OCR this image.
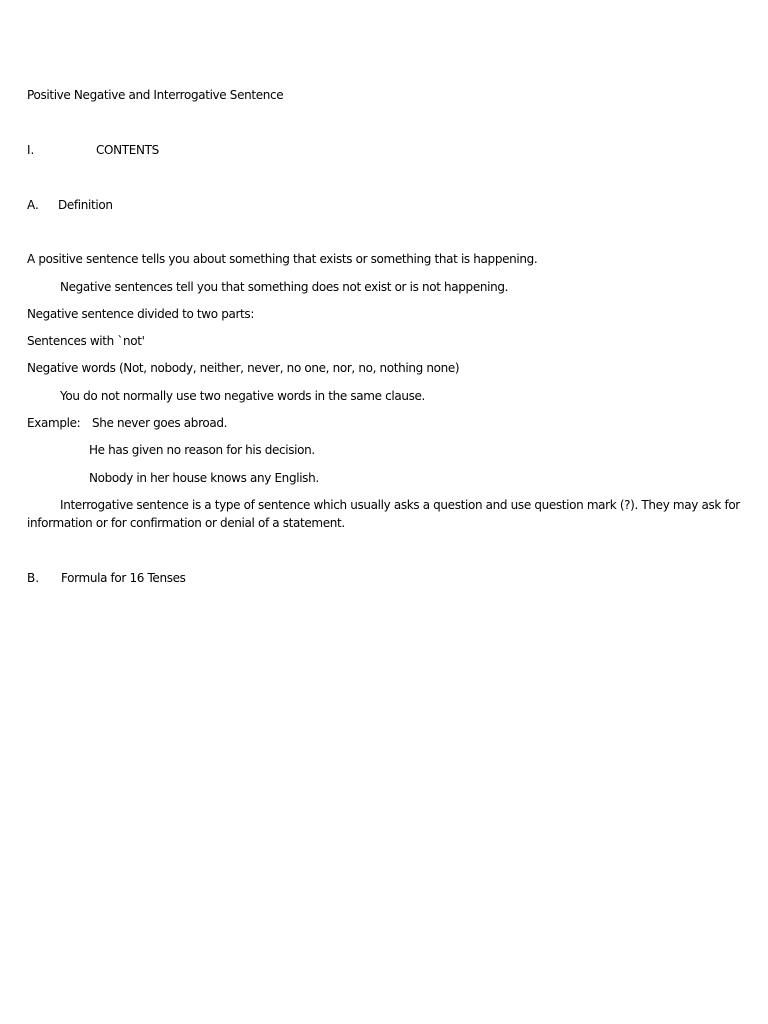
Positive Negative and Interrogative Sentence
I.	CONTENTS
A. Definition
A positive sentence tells you about something that exists or something that is happening.
Negative sentences tell you that something does not exist or is not happening.
Negative sentence divided to two parts:
Sentences with `not'
Negative words (Not, nobody, neither, never, no one, nor, no, nothing none)
You do not normally use two negative words in the same clause.
Example: She never goes abroad.
He has given no reason for his decision.
Nobody in her house knows any English.
Interrogative sentence is a type of sentence which usually asks a question and use question mark (?). They may ask for information or for confirmation or denial of a statement.
B. Formula for 16 Tenses
